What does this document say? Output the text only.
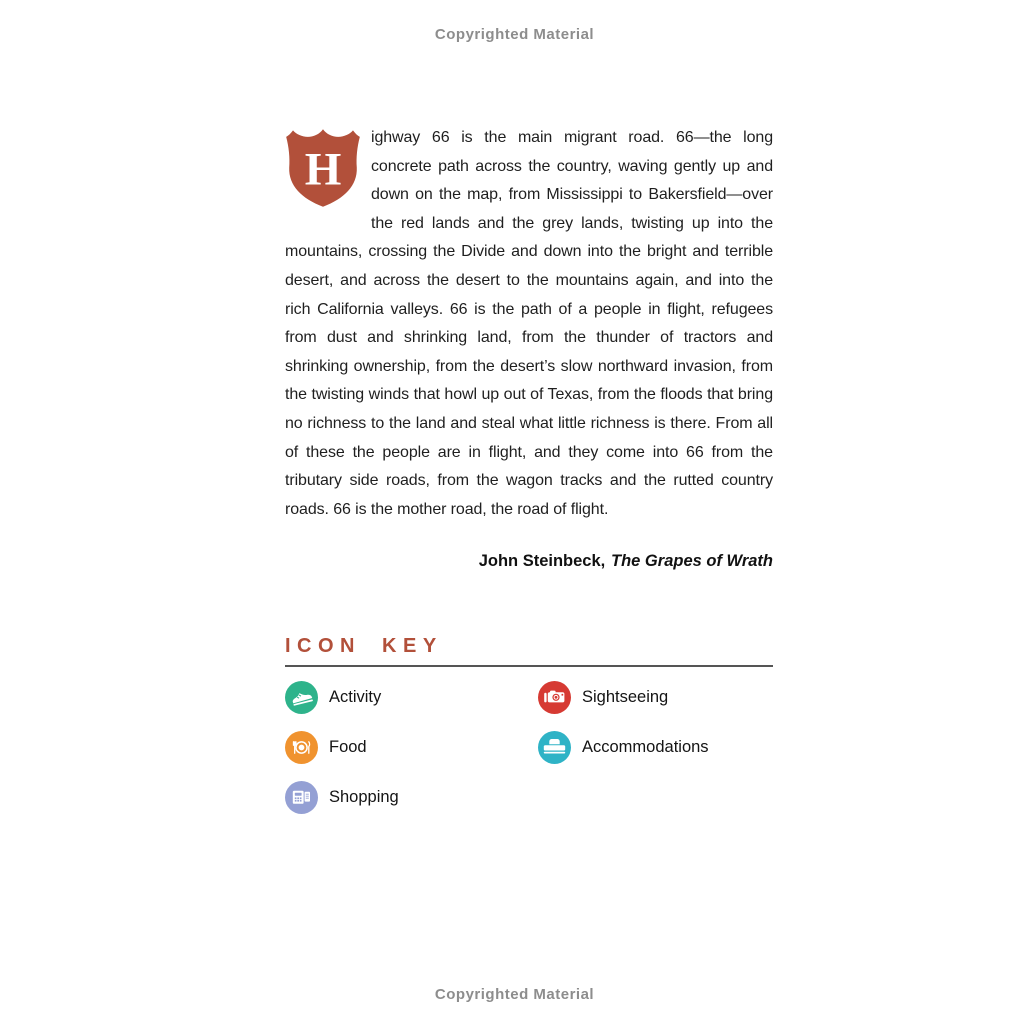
Copyrighted Material

H
ighway 66 is the main migrant road. 66—the long concrete path across the country, waving gently up and down on the map, from Mississippi to Bakersfield—over the red lands and the grey lands, twisting up into the mountains, crossing the Divide and down into the bright and terrible desert, and across the desert to the mountains again, and into the rich California valleys. 66 is the path of a people in flight, refugees from dust and shrinking land, from the thunder of tractors and shrinking ownership, from the desert’s slow northward invasion, from the twisting winds that howl up out of Texas, from the floods that bring no richness to the land and steal what little richness is there. From all of these the people are in flight, and they come into 66 from the tributary side roads, from the wagon tracks and the rutted country roads. 66 is the mother road, the road of flight.

John Steinbeck, The Grapes of Wrath
ICON KEY
Activity	Sightseeing
Food	Accommodations
Shopping
Copyrighted Material
